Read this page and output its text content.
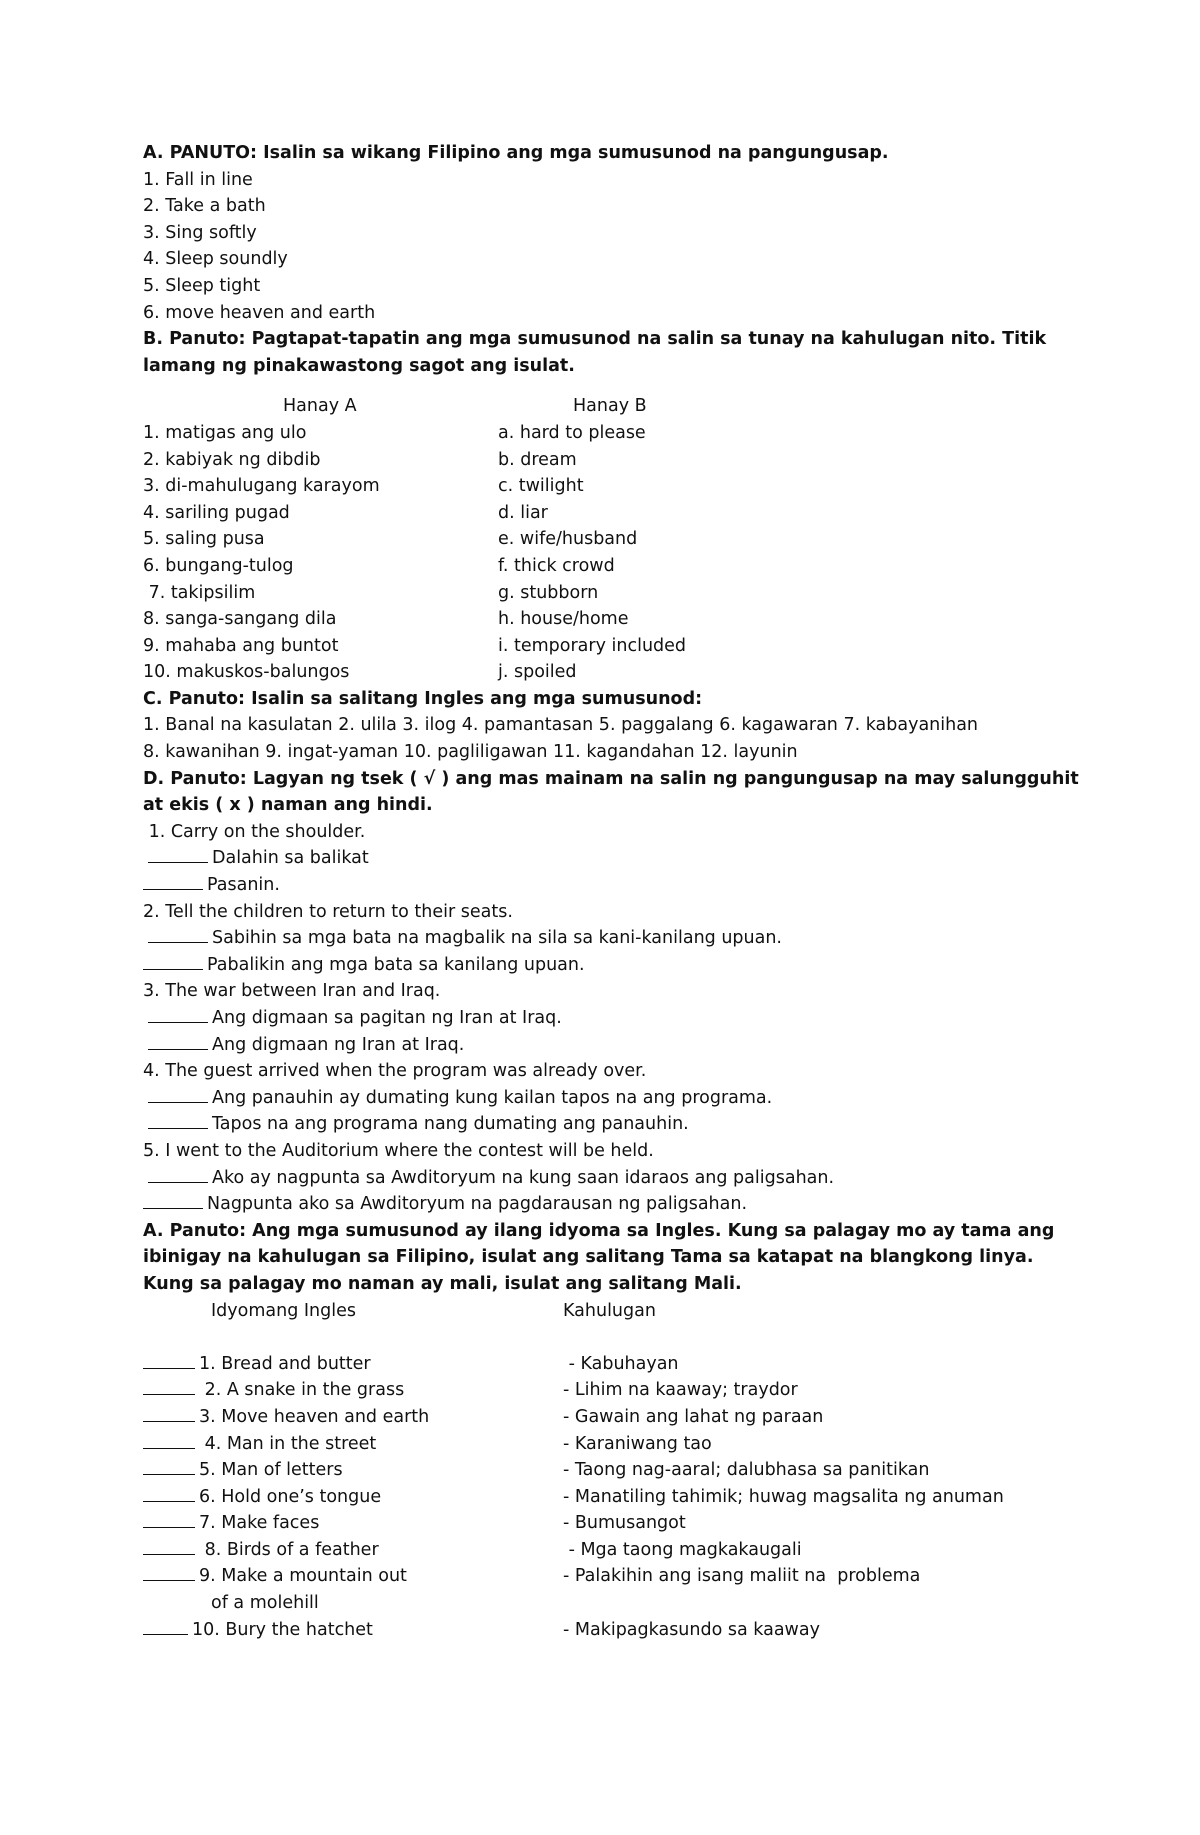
A. PANUTO: Isalin sa wikang Filipino ang mga sumusunod na pangungusap.
1. Fall in line
2. Take a bath
3. Sing softly
4. Sleep soundly
5. Sleep tight
6. move heaven and earth
B. Panuto: Pagtapat-tapatin ang mga sumusunod na salin sa tunay na kahulugan nito. Titik lamang ng pinakawastong sagot ang isulat.
Hanay A	Hanay B
1. matigas ang ulo	a. hard to please
2. kabiyak ng dibdib	b. dream
3. di-mahulugang karayom	c. twilight
4. sariling pugad	d. liar
5. saling pusa	e. wife/husband
6. bungang-tulog	f. thick crowd
7. takipsilim	g. stubborn
8. sanga-sangang dila	h. house/home
9. mahaba ang buntot	i. temporary included
10. makuskos-balungos	j. spoiled
C. Panuto: Isalin sa salitang Ingles ang mga sumusunod:
1. Banal na kasulatan 2. ulila 3. ilog 4. pamantasan 5. paggalang 6. kagawaran 7. kabayanihan
8. kawanihan 9. ingat-yaman 10. pagliligawan 11. kagandahan 12. layunin
D. Panuto: Lagyan ng tsek ( √ ) ang mas mainam na salin ng pangungusap na may salungguhit at ekis ( x ) naman ang hindi.
1. Carry on the shoulder.
Dalahin sa balikat
Pasanin.
2. Tell the children to return to their seats.
Sabihin sa mga bata na magbalik na sila sa kani-kanilang upuan.
Pabalikin ang mga bata sa kanilang upuan.
3. The war between Iran and Iraq.
Ang digmaan sa pagitan ng Iran at Iraq.
Ang digmaan ng Iran at Iraq.
4. The guest arrived when the program was already over.
Ang panauhin ay dumating kung kailan tapos na ang programa.
Tapos na ang programa nang dumating ang panauhin.
5. I went to the Auditorium where the contest will be held.
Ako ay nagpunta sa Awditoryum na kung saan idaraos ang paligsahan.
Nagpunta ako sa Awditoryum na pagdarausan ng paligsahan.
A. Panuto: Ang mga sumusunod ay ilang idyoma sa Ingles. Kung sa palagay mo ay tama ang ibinigay na kahulugan sa Filipino, isulat ang salitang Tama sa katapat na blangkong linya. Kung sa palagay mo naman ay mali, isulat ang salitang Mali.
Idyomang Ingles	Kahulugan
1. Bread and butter	- Kabuhayan
2. A snake in the grass	- Lihim na kaaway; traydor
3. Move heaven and earth	- Gawain ang lahat ng paraan
4. Man in the street	- Karaniwang tao
5. Man of letters	- Taong nag-aaral; dalubhasa sa panitikan
6. Hold one’s tongue	- Manatiling tahimik; huwag magsalita ng anuman
7. Make faces	- Bumusangot
8. Birds of a feather	- Mga taong magkakaugali
9. Make a mountain out	- Palakihin ang isang maliit na  problema
of a molehill
10. Bury the hatchet	- Makipagkasundo sa kaaway
